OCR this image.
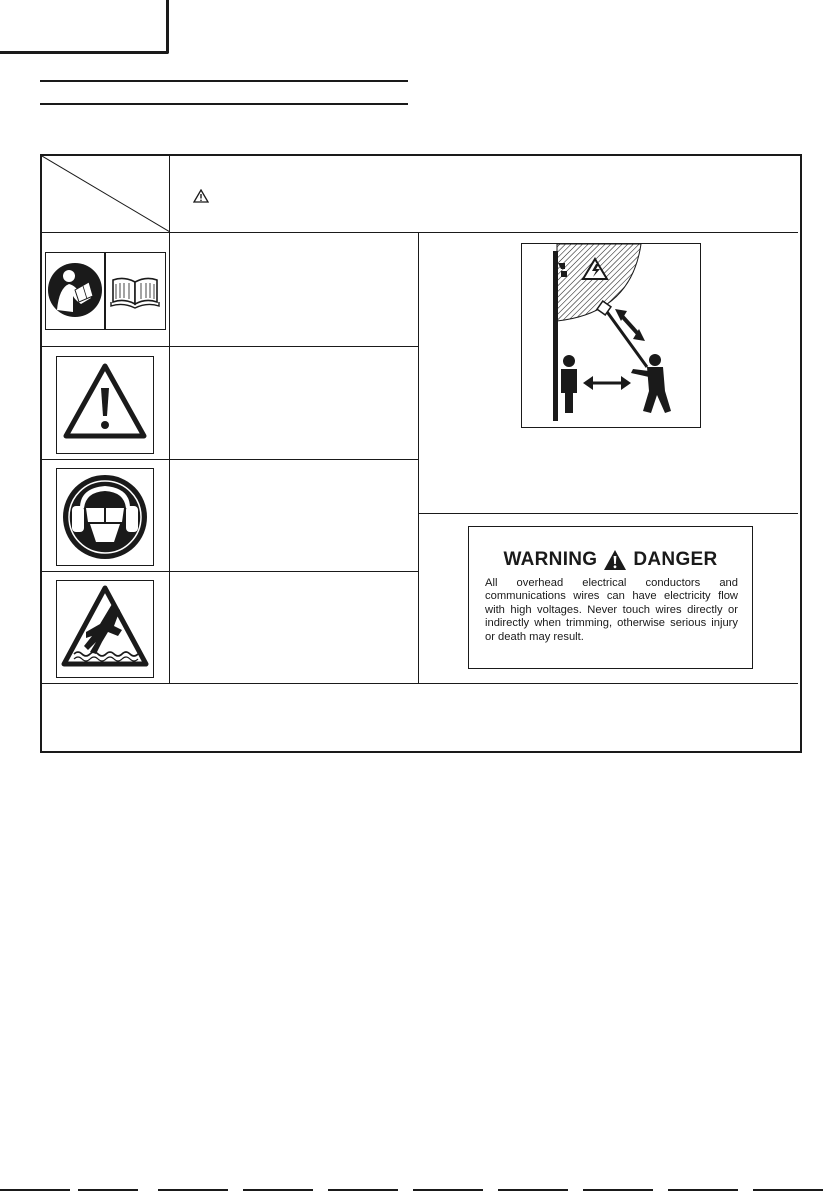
WARNING DANGER
All overhead electrical conductors and communications wires can have electricity flow with high voltages. Never touch wires directly or indirectly when trimming, otherwise serious injury or death may result.
